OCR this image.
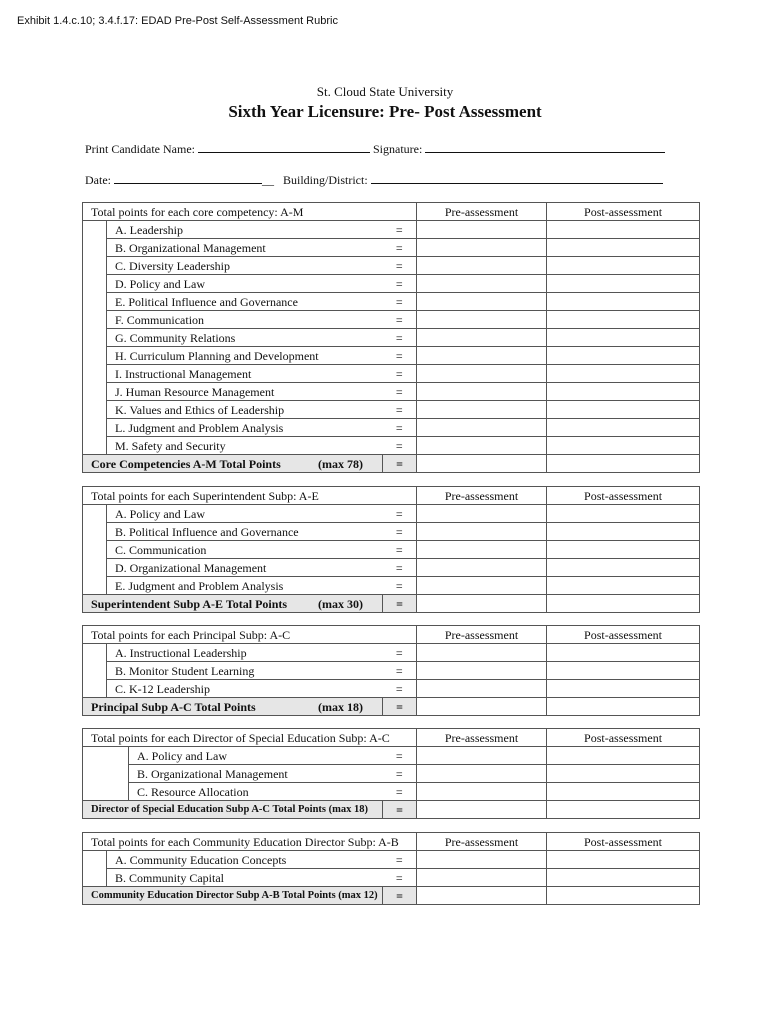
Exhibit 1.4.c.10; 3.4.f.17: EDAD Pre-Post Self-Assessment Rubric
St. Cloud State University
Sixth Year Licensure: Pre- Post Assessment
Print Candidate Name:	Signature:
Date:	__ Building/District:
Total points for each core competency: A-M			Pre-assessment	Post-assessment
	A. Leadership	=		
	B. Organizational Management	=		
	C. Diversity Leadership	=		
	D. Policy and Law	=		
	E. Political Influence and Governance	=		
	F. Communication	=		
	G. Community Relations	=		
	H. Curriculum Planning and Development	=		
	I. Instructional Management	=		
	J. Human Resource Management	=		
	K. Values and Ethics of Leadership	=		
	L. Judgment and Problem Analysis	=		
	M. Safety and Security	=		
Core Competencies A-M Total Points (max 78)		=		
Total points for each Superintendent Subp: A-E			Pre-assessment	Post-assessment
	A. Policy and Law	=		
	B. Political Influence and Governance	=		
	C. Communication	=		
	D. Organizational Management	=		
	E. Judgment and Problem Analysis	=		
Superintendent Subp A-E Total Points (max 30)		=		
Total points for each Principal Subp: A-C			Pre-assessment	Post-assessment
	A. Instructional Leadership	=		
	B. Monitor Student Learning	=		
	C. K-12 Leadership	=		
Principal Subp A-C Total Points (max 18)		=		
Total points for each Director of Special Education Subp: A-C			Pre-assessment	Post-assessment
	A. Policy and Law	=		
	B. Organizational Management	=		
	C. Resource Allocation	=		
Director of Special Education Subp A-C Total Points (max 18)		=		
Total points for each Community Education Director Subp: A-B			Pre-assessment	Post-assessment
	A. Community Education Concepts	=		
	B. Community Capital	=		
Community Education Director Subp A-B Total Points (max 12)		=		
